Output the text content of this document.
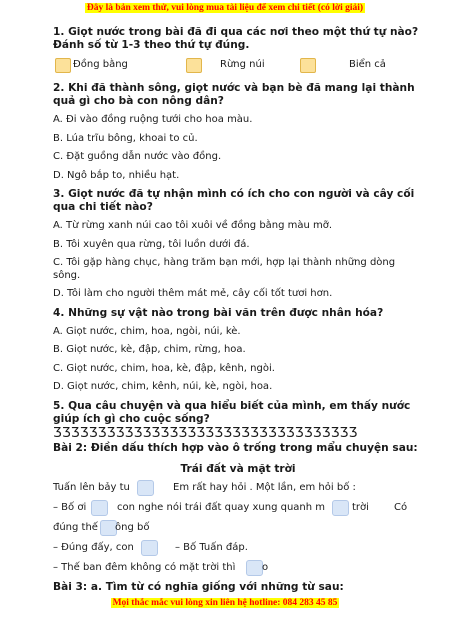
Đây là bản xem thử, vui lòng mua tài liệu để xem chi tiết (có lời giải)

1. Giọt nước trong bài đã đi qua các nơi theo một thứ tự nào? Đánh số từ 1-3 theo thứ tự đúng.

Đồng bằng	Rừng núi	Biển cả

2. Khi đã thành sông, giọt nước và bạn bè đã mang lại thành quả gì cho bà con nông dân?

A. Đi vào đồng ruộng tưới cho hoa màu.

B. Lúa trĩu bông, khoai to củ.

C. Đặt guồng dẫn nước vào đồng.

D. Ngô bắp to, nhiều hạt.

3. Giọt nước đã tự nhận mình có ích cho con người và cây cối qua chi tiết nào?

A. Từ rừng xanh núi cao tôi xuôi về đồng bằng màu mỡ.

B. Tôi xuyên qua rừng, tôi luồn dưới đá.

C. Tôi gặp hàng chục, hàng trăm bạn mới, hợp lại thành những dòng sông.

D. Tôi làm cho người thêm mát mẻ, cây cối tốt tươi hơn.

4. Những sự vật nào trong bài văn trên được nhân hóa?

A. Giọt nước, chim, hoa, ngòi, núi, kè.

B. Giọt nước, kè, đập, chim, rừng, hoa.

C. Giọt nước, chim, hoa, kè, đập, kênh, ngòi.

D. Giọt nước, chim, kênh, núi, kè, ngòi, hoa.

5. Qua câu chuyện và qua hiểu biết của mình, em thấy nước giúp ích gì cho cuộc sống?

ǮǮǮǮǮǮǮǮǮǮǮǮǮǮǮǮǮǮǮǮǮǮǮǮǮǮǮǮǮǮǮǮǮǮ

Bài 2: Điền dấu thích hợp vào ô trống trong mẩu chuyện sau:

Trái đất và mặt trời

Tuấn lên bảy tu	Em rất hay hỏi . Một lần, em hỏi bố :
– Bố ơi	con nghe nói trái đất quay xung quanh m	trời	Có
đúng thế ông bố
– Đúng đấy, con	– Bố Tuấn đáp.
– Thế ban đêm không có mặt trời thì	o

Bài 3: a. Tìm từ có nghĩa giống với những từ sau:

Mọi thắc mắc vui lòng xin liên hệ hotline: 084 283 45 85
